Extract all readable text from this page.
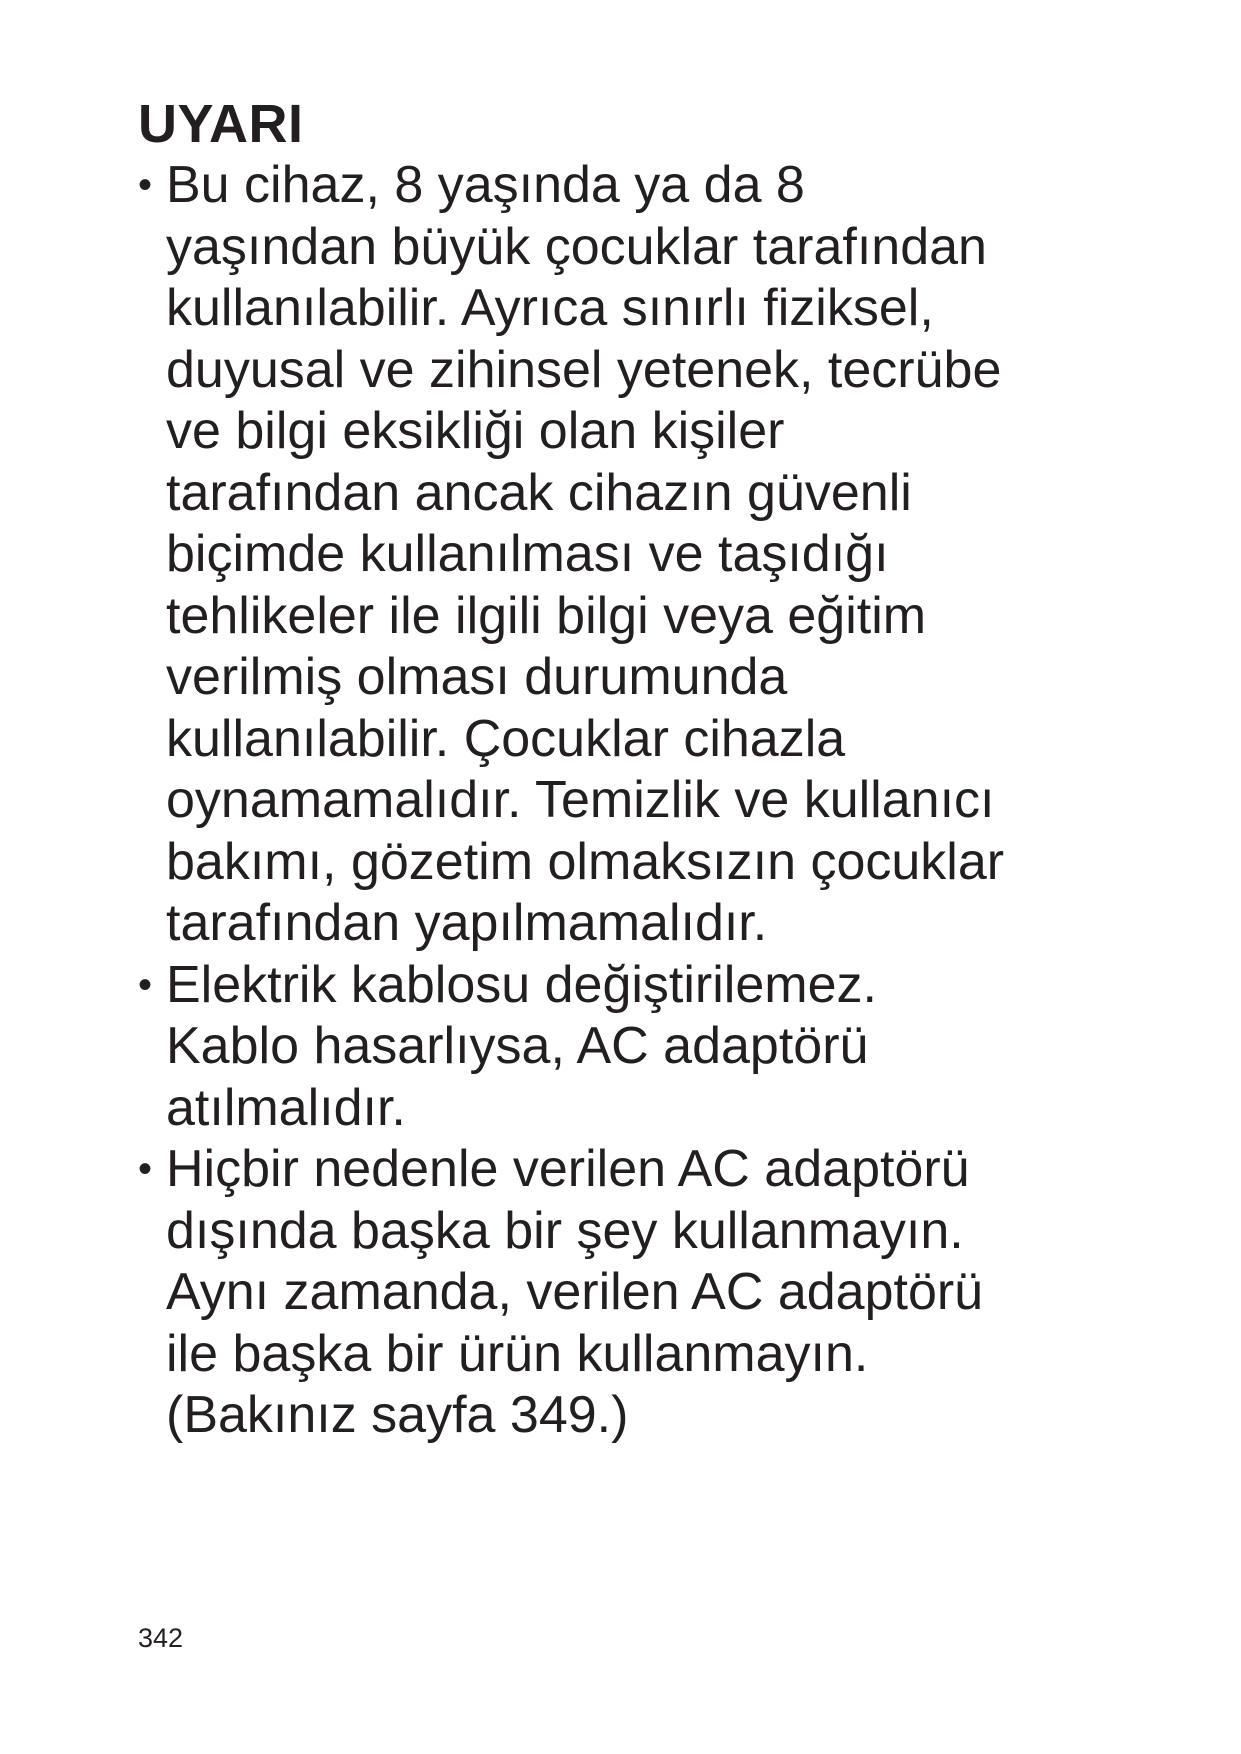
UYARI
• Bu cihaz, 8 yaşında ya da 8
yaşından büyük çocuklar tarafından
kullanılabilir. Ayrıca sınırlı fiziksel,
duyusal ve zihinsel yetenek, tecrübe
ve bilgi eksikliği olan kişiler
tarafından ancak cihazın güvenli
biçimde kullanılması ve taşıdığı
tehlikeler ile ilgili bilgi veya eğitim
verilmiş olması durumunda
kullanılabilir. Çocuklar cihazla
oynamamalıdır. Temizlik ve kullanıcı
bakımı, gözetim olmaksızın çocuklar
tarafından yapılmamalıdır.
• Elektrik kablosu değiştirilemez.
Kablo hasarlıysa, AC adaptörü
atılmalıdır.
• Hiçbir nedenle verilen AC adaptörü
dışında başka bir şey kullanmayın.
Aynı zamanda, verilen AC adaptörü
ile başka bir ürün kullanmayın.
(Bakınız sayfa 349.)
342
